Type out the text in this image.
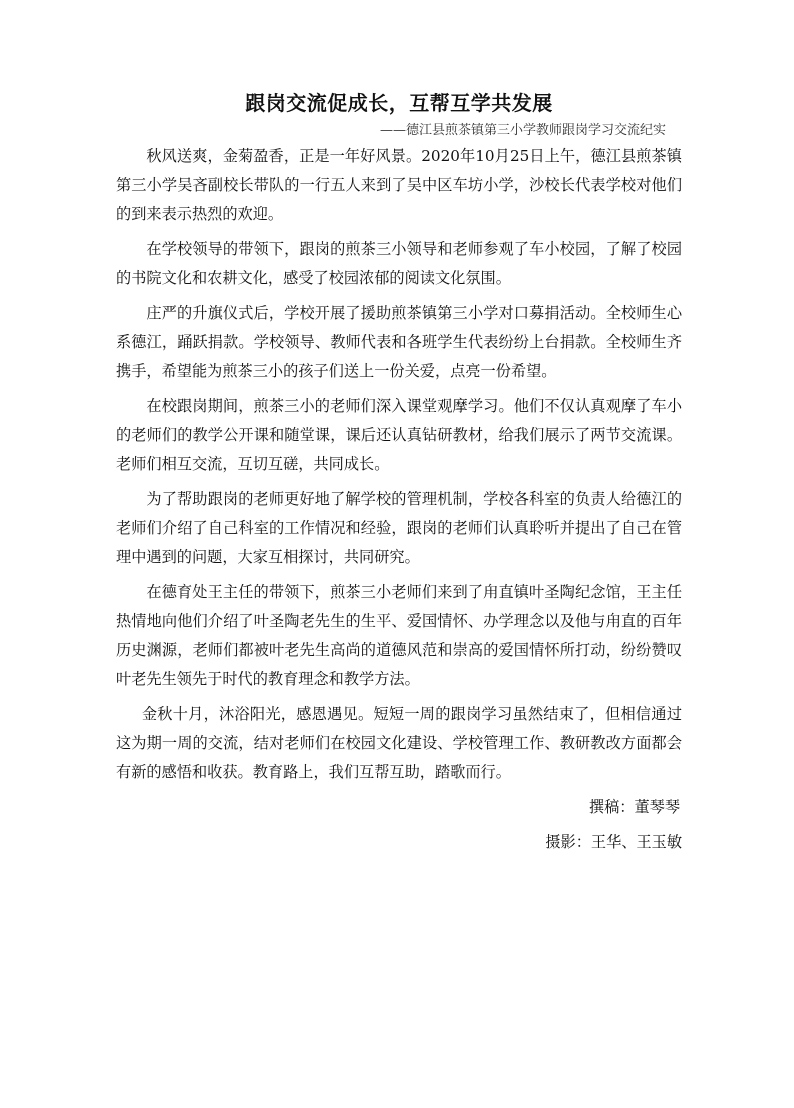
跟岗交流促成长，互帮互学共发展
——德江县煎茶镇第三小学教师跟岗学习交流纪实

秋风送爽，金菊盈香，正是一年好风景。2020年10月25日上午，德江县煎茶镇第三小学吴吝副校长带队的一行五人来到了吴中区车坊小学，沙校长代表学校对他们的到来表示热烈的欢迎。

在学校领导的带领下，跟岗的煎茶三小领导和老师参观了车小校园，了解了校园的书院文化和农耕文化，感受了校园浓郁的阅读文化氛围。

庄严的升旗仪式后，学校开展了援助煎茶镇第三小学对口募捐活动。全校师生心系德江，踊跃捐款。学校领导、教师代表和各班学生代表纷纷上台捐款。全校师生齐携手，希望能为煎茶三小的孩子们送上一份关爱，点亮一份希望。

在校跟岗期间，煎茶三小的老师们深入课堂观摩学习。他们不仅认真观摩了车小的老师们的教学公开课和随堂课，课后还认真钻研教材，给我们展示了两节交流课。老师们相互交流，互切互磋，共同成长。

为了帮助跟岗的老师更好地了解学校的管理机制，学校各科室的负责人给德江的老师们介绍了自己科室的工作情况和经验，跟岗的老师们认真聆听并提出了自己在管理中遇到的问题，大家互相探讨，共同研究。

在德育处王主任的带领下，煎茶三小老师们来到了甪直镇叶圣陶纪念馆，王主任热情地向他们介绍了叶圣陶老先生的生平、爱国情怀、办学理念以及他与甪直的百年历史渊源，老师们都被叶老先生高尚的道德风范和崇高的爱国情怀所打动，纷纷赞叹叶老先生领先于时代的教育理念和教学方法。

金秋十月，沐浴阳光，感恩遇见。短短一周的跟岗学习虽然结束了，但相信通过这为期一周的交流，结对老师们在校园文化建设、学校管理工作、教研教改方面都会有新的感悟和收获。教育路上，我们互帮互助，踏歌而行。

撰稿：董琴琴

摄影：王华、王玉敏
